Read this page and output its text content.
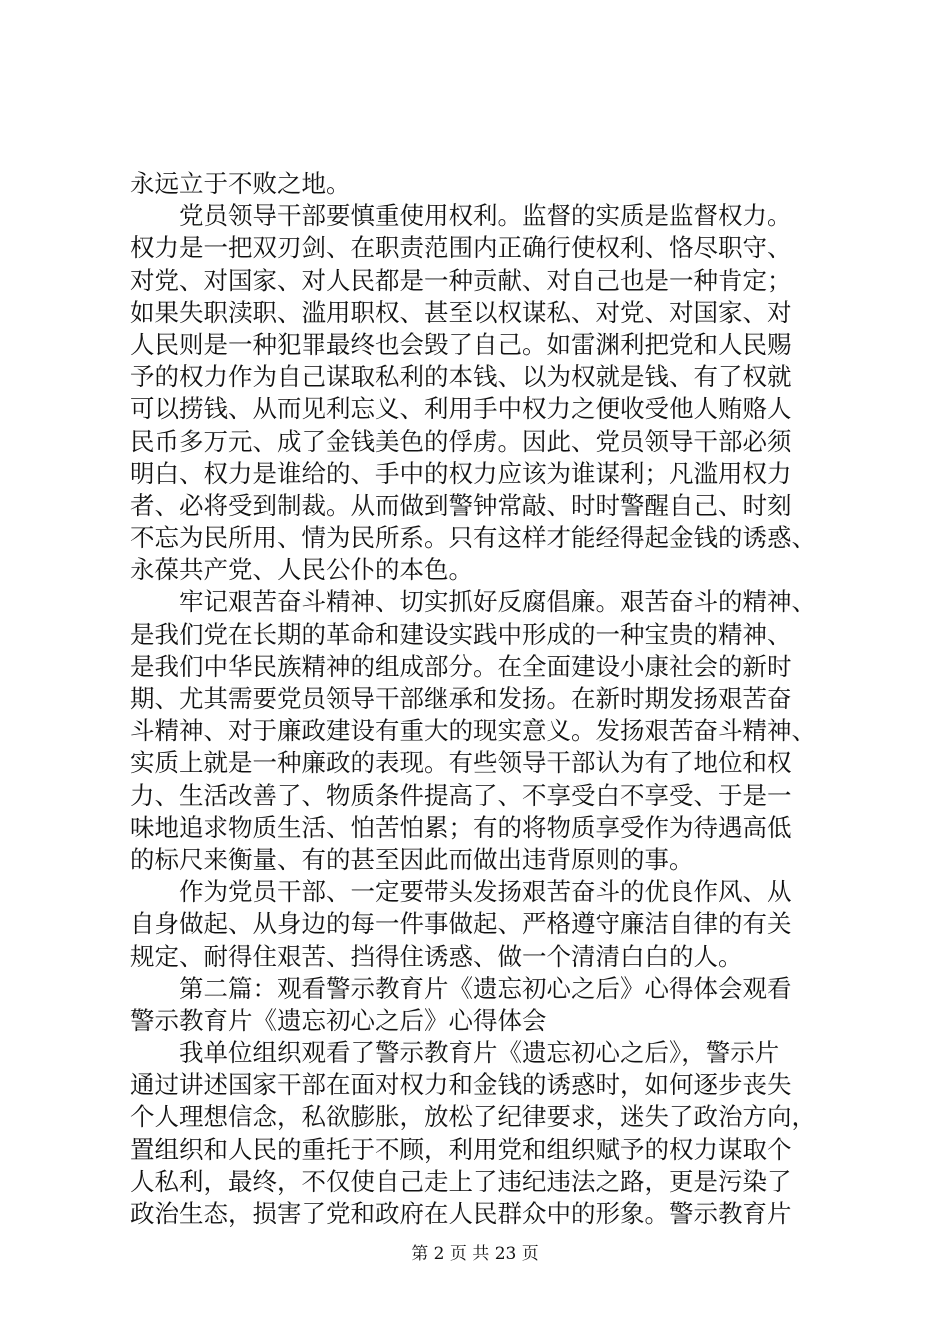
永远立于不败之地。
　　党员领导干部要慎重使用权利。监督的实质是监督权力。
权力是一把双刃剑、在职责范围内正确行使权利、恪尽职守、
对党、对国家、对人民都是一种贡献、对自己也是一种肯定；
如果失职渎职、滥用职权、甚至以权谋私、对党、对国家、对
人民则是一种犯罪最终也会毁了自己。如雷渊利把党和人民赐
予的权力作为自己谋取私利的本钱、以为权就是钱、有了权就
可以捞钱、从而见利忘义、利用手中权力之便收受他人贿赂人
民币多万元、成了金钱美色的俘虏。因此、党员领导干部必须
明白、权力是谁给的、手中的权力应该为谁谋利；凡滥用权力
者、必将受到制裁。从而做到警钟常敲、时时警醒自己、时刻
不忘为民所用、情为民所系。只有这样才能经得起金钱的诱惑、
永葆共产党、人民公仆的本色。
　　牢记艰苦奋斗精神、切实抓好反腐倡廉。艰苦奋斗的精神、
是我们党在长期的革命和建设实践中形成的一种宝贵的精神、
是我们中华民族精神的组成部分。在全面建设小康社会的新时
期、尤其需要党员领导干部继承和发扬。在新时期发扬艰苦奋
斗精神、对于廉政建设有重大的现实意义。发扬艰苦奋斗精神、
实质上就是一种廉政的表现。有些领导干部认为有了地位和权
力、生活改善了、物质条件提高了、不享受白不享受、于是一
味地追求物质生活、怕苦怕累；有的将物质享受作为待遇高低
的标尺来衡量、有的甚至因此而做出违背原则的事。
　　作为党员干部、一定要带头发扬艰苦奋斗的优良作风、从
自身做起、从身边的每一件事做起、严格遵守廉洁自律的有关
规定、耐得住艰苦、挡得住诱惑、做一个清清白白的人。
　　第二篇：观看警示教育片《遗忘初心之后》心得体会观看
警示教育片《遗忘初心之后》心得体会
　　我单位组织观看了警示教育片《遗忘初心之后》，警示片
通过讲述国家干部在面对权力和金钱的诱惑时，如何逐步丧失
个人理想信念，私欲膨胀，放松了纪律要求，迷失了政治方向，
置组织和人民的重托于不顾，利用党和组织赋予的权力谋取个
人私利，最终，不仅使自己走上了违纪违法之路，更是污染了
政治生态，损害了党和政府在人民群众中的形象。警示教育片
第 2 页 共 23 页
